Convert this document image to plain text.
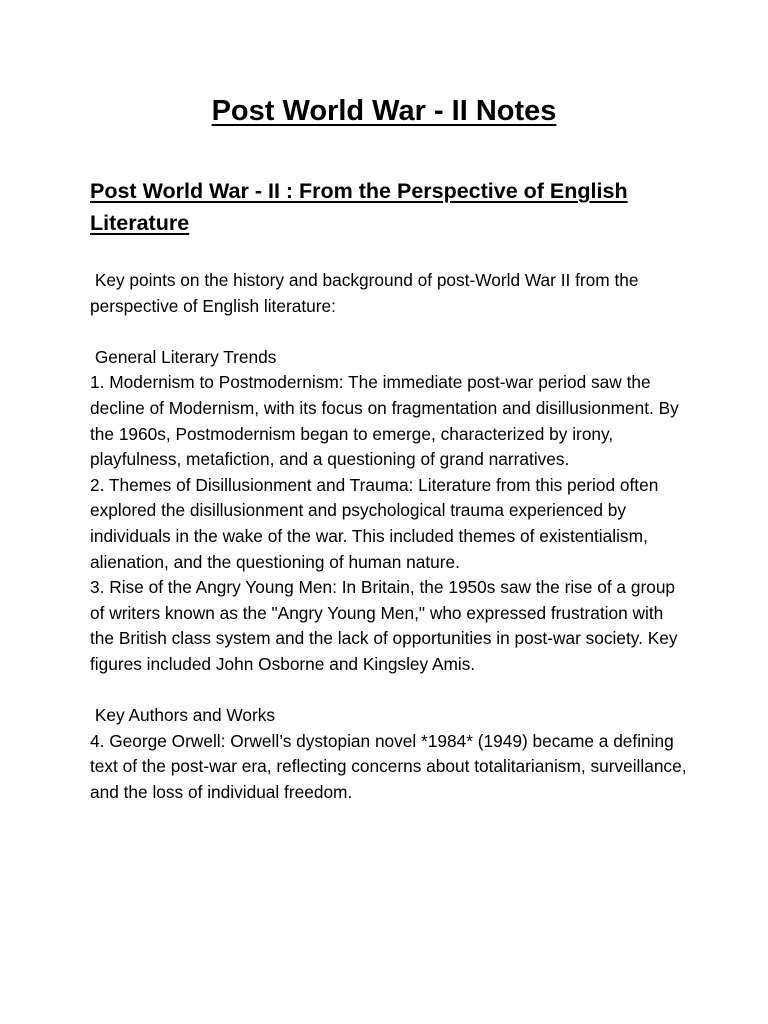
Post World War - II Notes
Post World War - II : From the Perspective of English Literature

Key points on the history and background of post-World War II from the perspective of English literature:

General Literary Trends

1. Modernism to Postmodernism: The immediate post-war period saw the decline of Modernism, with its focus on fragmentation and disillusionment. By the 1960s, Postmodernism began to emerge, characterized by irony, playfulness, metafiction, and a questioning of grand narratives.

2. Themes of Disillusionment and Trauma: Literature from this period often explored the disillusionment and psychological trauma experienced by individuals in the wake of the war. This included themes of existentialism, alienation, and the questioning of human nature.

3. Rise of the Angry Young Men: In Britain, the 1950s saw the rise of a group of writers known as the "Angry Young Men," who expressed frustration with the British class system and the lack of opportunities in post-war society. Key figures included John Osborne and Kingsley Amis.

Key Authors and Works

4. George Orwell: Orwell’s dystopian novel *1984* (1949) became a defining text of the post-war era, reflecting concerns about totalitarianism, surveillance, and the loss of individual freedom.
